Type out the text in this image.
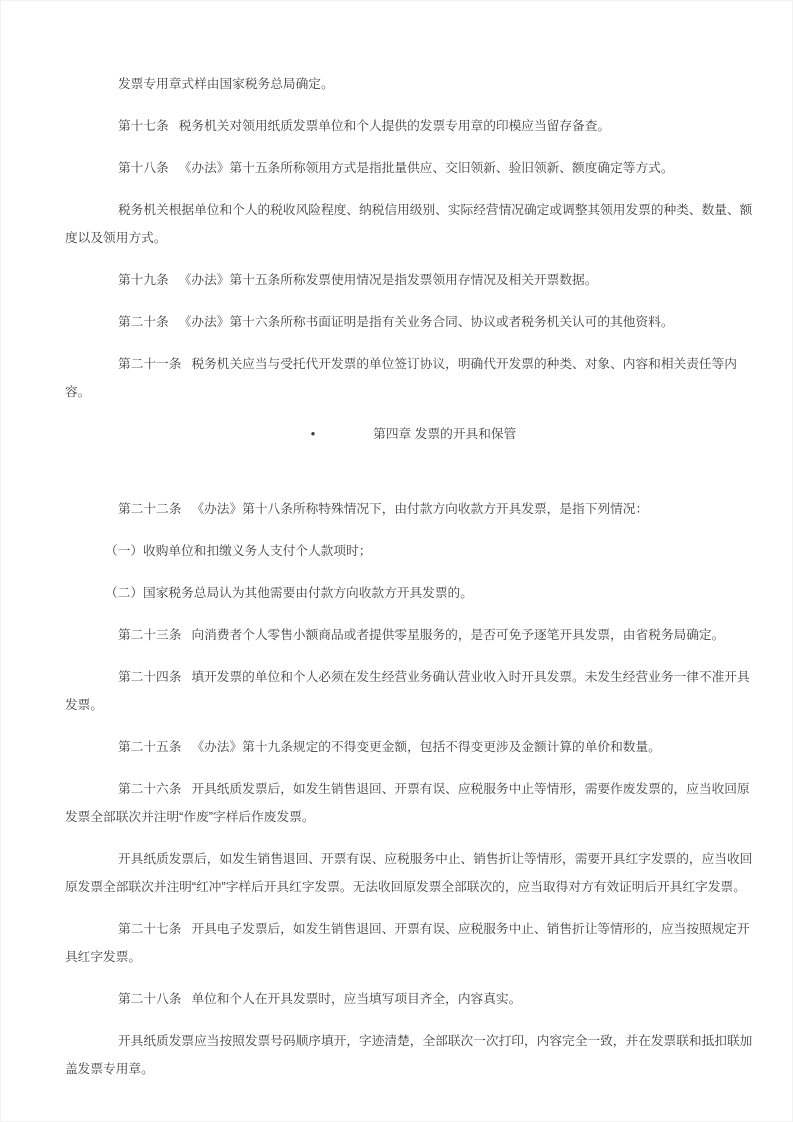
发票专用章式样由国家税务总局确定。
第十七条 税务机关对领用纸质发票单位和个人提供的发票专用章的印模应当留存备查。
第十八条 《办法》第十五条所称领用方式是指批量供应、交旧领新、验旧领新、额度确定等方式。
税务机关根据单位和个人的税收风险程度、纳税信用级别、实际经营情况确定或调整其领用发票的种类、数量、额度以及领用方式。
第十九条 《办法》第十五条所称发票使用情况是指发票领用存情况及相关开票数据。
第二十条 《办法》第十六条所称书面证明是指有关业务合同、协议或者税务机关认可的其他资料。
第二十一条 税务机关应当与受托代开发票的单位签订协议，明确代开发票的种类、对象、内容和相关责任等内容。
•	第四章 发票的开具和保管
第二十二条 《办法》第十八条所称特殊情况下，由付款方向收款方开具发票，是指下列情况：
（一）收购单位和扣缴义务人支付个人款项时；
（二）国家税务总局认为其他需要由付款方向收款方开具发票的。
第二十三条 向消费者个人零售小额商品或者提供零星服务的，是否可免予逐笔开具发票，由省税务局确定。
第二十四条 填开发票的单位和个人必须在发生经营业务确认营业收入时开具发票。未发生经营业务一律不准开具发票。
第二十五条 《办法》第十九条规定的不得变更金额，包括不得变更涉及金额计算的单价和数量。
第二十六条 开具纸质发票后，如发生销售退回、开票有误、应税服务中止等情形，需要作废发票的，应当收回原发票全部联次并注明“作废”字样后作废发票。
开具纸质发票后，如发生销售退回、开票有误、应税服务中止、销售折让等情形，需要开具红字发票的，应当收回原发票全部联次并注明“红冲”字样后开具红字发票。无法收回原发票全部联次的，应当取得对方有效证明后开具红字发票。
第二十七条 开具电子发票后，如发生销售退回、开票有误、应税服务中止、销售折让等情形的，应当按照规定开具红字发票。
第二十八条 单位和个人在开具发票时，应当填写项目齐全，内容真实。
开具纸质发票应当按照发票号码顺序填开，字迹清楚，全部联次一次打印，内容完全一致，并在发票联和抵扣联加盖发票专用章。
